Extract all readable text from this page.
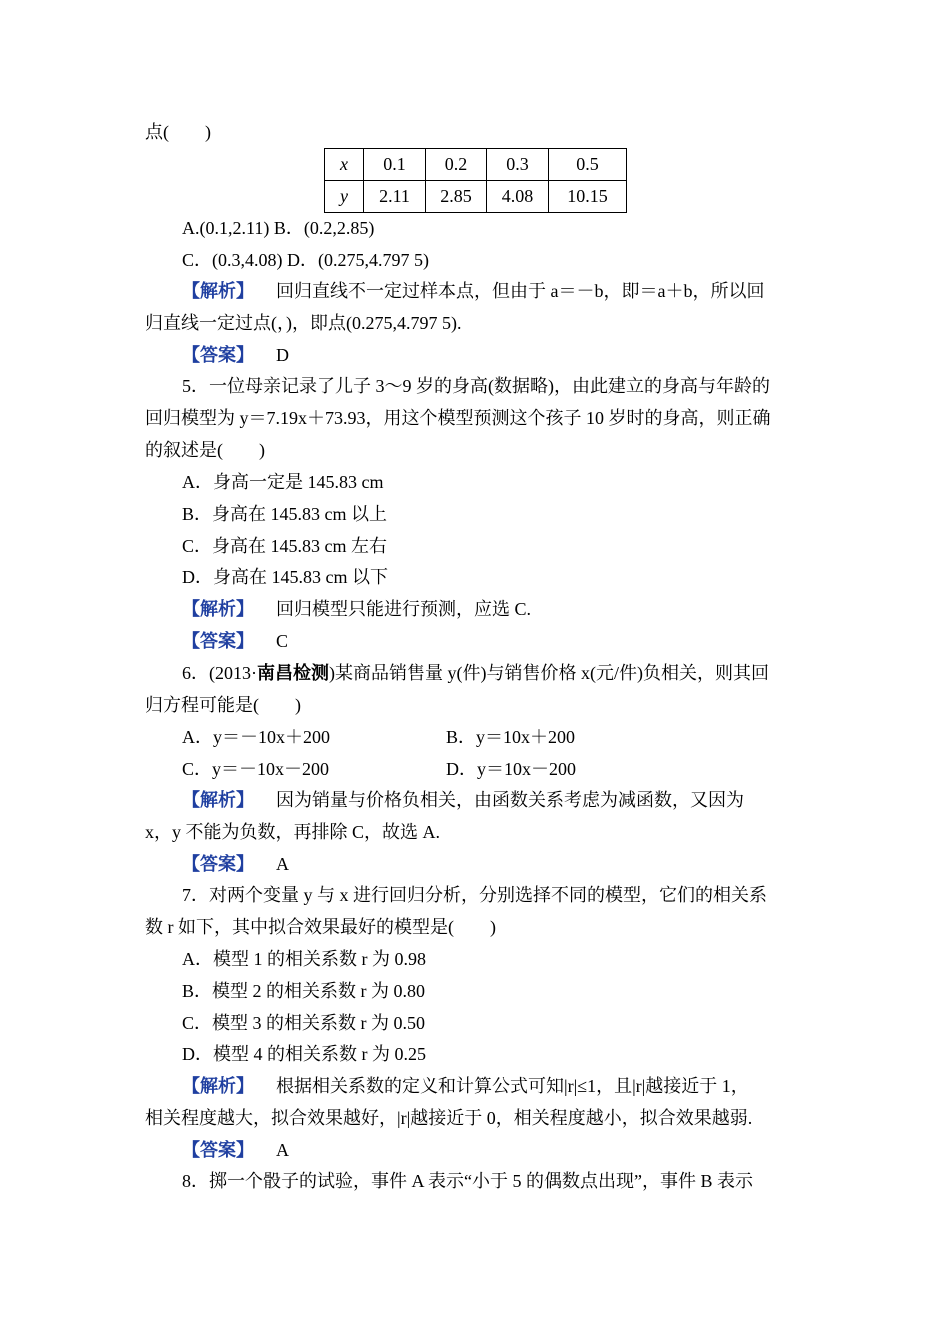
点(　　)
x	0.1	0.2	0.3	0.5
y	2.11	2.85	4.08	10.15
A.(0.1,2.11) B．(0.2,2.85)
C．(0.3,4.08) D．(0.275,4.797 5)
【解析】 回归直线不一定过样本点，但由于 a＝－b，即＝a＋b，所以回
归直线一定过点(，)，即点(0.275,4.797 5).
【答案】 D
5．一位母亲记录了儿子 3～9 岁的身高(数据略)，由此建立的身高与年龄的
回归模型为 y＝7.19x＋73.93，用这个模型预测这个孩子 10 岁时的身高，则正确
的叙述是(　　)
A．身高一定是 145.83 cm
B．身高在 145.83 cm 以上
C．身高在 145.83 cm 左右
D．身高在 145.83 cm 以下
【解析】 回归模型只能进行预测，应选 C.
【答案】 C
6．(2013·南昌检测)某商品销售量 y(件)与销售价格 x(元/件)负相关，则其回
归方程可能是(　　)
A．y＝－10x＋200	B．y＝10x＋200
C．y＝－10x－200	D．y＝10x－200
【解析】 因为销量与价格负相关，由函数关系考虑为减函数，又因为
x，y 不能为负数，再排除 C，故选 A.
【答案】 A
7．对两个变量 y 与 x 进行回归分析，分别选择不同的模型，它们的相关系
数 r 如下，其中拟合效果最好的模型是(　　)
A．模型 1 的相关系数 r 为 0.98
B．模型 2 的相关系数 r 为 0.80
C．模型 3 的相关系数 r 为 0.50
D．模型 4 的相关系数 r 为 0.25
【解析】 根据相关系数的定义和计算公式可知|r|≤1，且|r|越接近于 1，
相关程度越大，拟合效果越好，|r|越接近于 0，相关程度越小，拟合效果越弱.
【答案】 A
8．掷一个骰子的试验，事件 A 表示“小于 5 的偶数点出现”，事件 B 表示
